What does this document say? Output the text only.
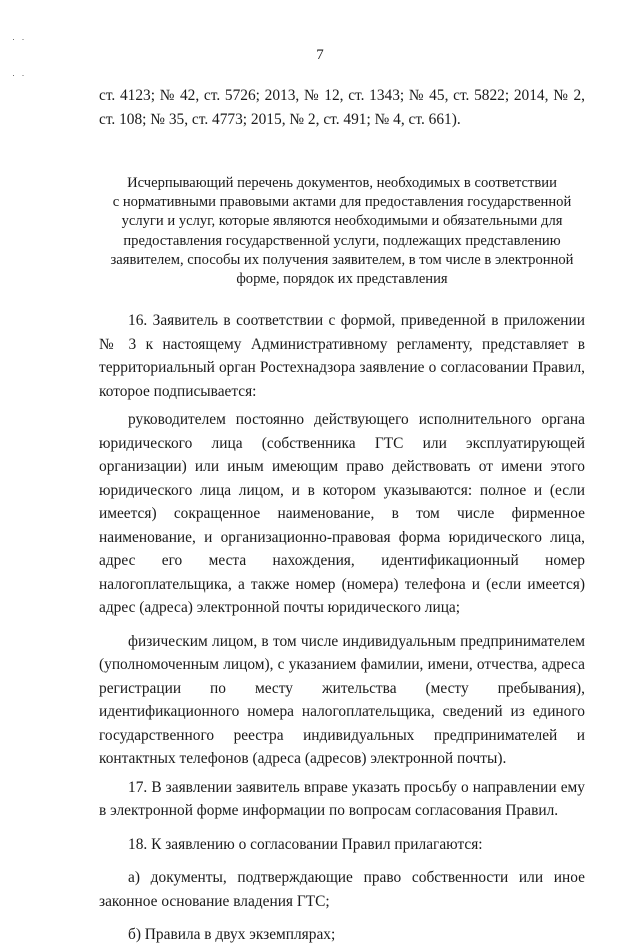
· ·
· ·
7

ст. 4123; № 42, ст. 5726; 2013, № 12, ст. 1343; № 45, ст. 5822; 2014, № 2, ст. 108; № 35, ст. 4773; 2015, № 2, ст. 491; № 4, ст. 661).

Исчерпывающий перечень документов, необходимых в соответствии
с нормативными правовыми актами для предоставления государственной
услуги и услуг, которые являются необходимыми и обязательными для
предоставления государственной услуги, подлежащих представлению
заявителем, способы их получения заявителем, в том числе в электронной
форме, порядок их представления

16. Заявитель в соответствии с формой, приведенной в приложении № 3 к настоящему Административному регламенту, представляет в территориальный орган Ростехнадзора заявление о согласовании Правил, которое подписывается:

руководителем постоянно действующего исполнительного органа юридического лица (собственника ГТС или эксплуатирующей организации) или иным имеющим право действовать от имени этого юридического лица лицом, и в котором указываются: полное и (если имеется) сокращенное наименование, в том числе фирменное наименование, и организационно-правовая форма юридического лица, адрес его места нахождения, идентификационный номер налогоплательщика, а также номер (номера) телефона и (если имеется) адрес (адреса) электронной почты юридического лица;

физическим лицом, в том числе индивидуальным предпринимателем (уполномоченным лицом), с указанием фамилии, имени, отчества, адреса регистрации по месту жительства (месту пребывания), идентификационного номера налогоплательщика, сведений из единого государственного реестра индивидуальных предпринимателей и контактных телефонов (адреса (адресов) электронной почты).

17. В заявлении заявитель вправе указать просьбу о направлении ему в электронной форме информации по вопросам согласования Правил.

18. К заявлению о согласовании Правил прилагаются:

а) документы, подтверждающие право собственности или иное законное основание владения ГТС;

б) Правила в двух экземплярах;
